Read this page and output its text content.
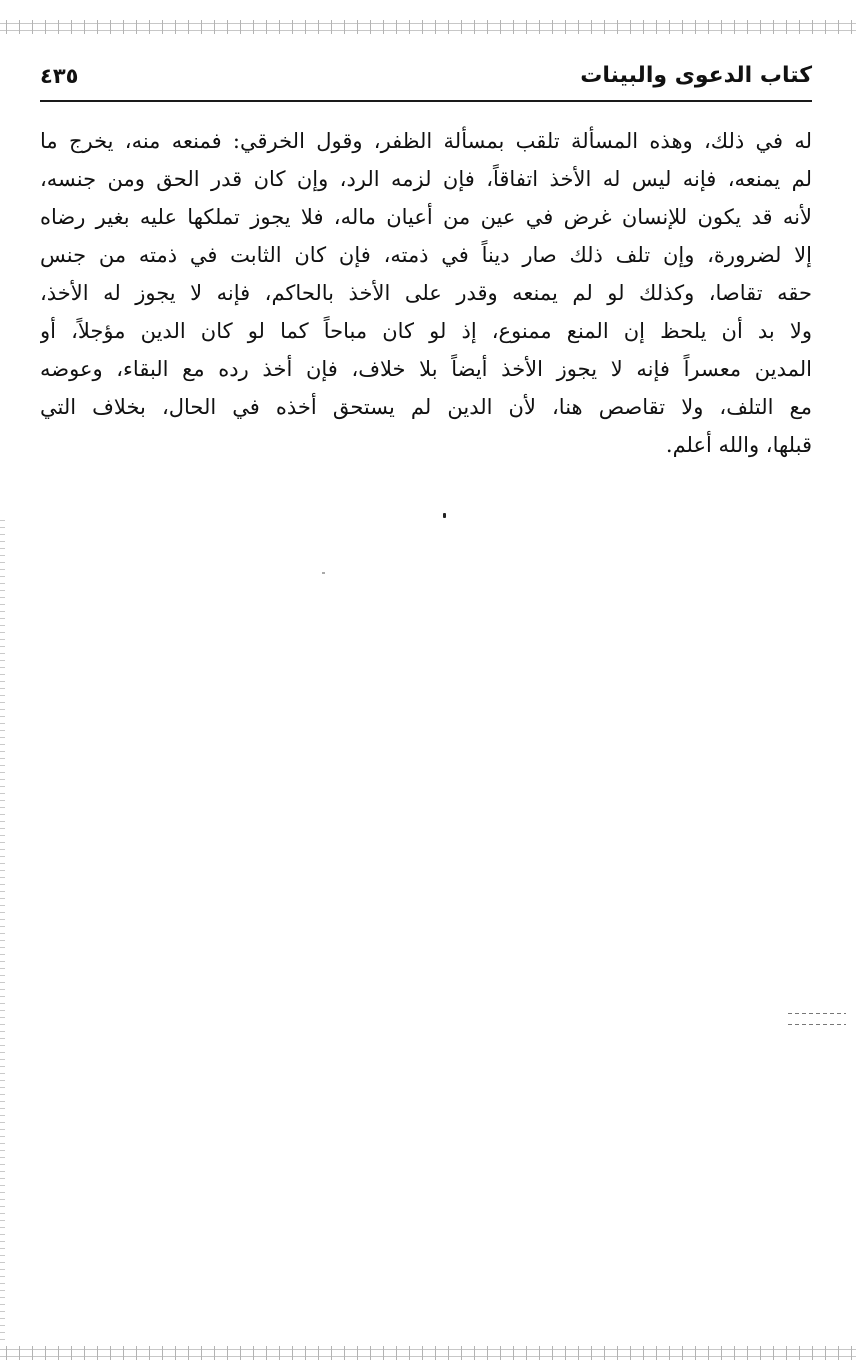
كتاب الدعوى والبينات
٤٣٥
له في ذلك، وهذه المسألة تلقب بمسألة الظفر، وقول الخرقي: فمنعه منه، يخرج ما
لم يمنعه، فإنه ليس له الأخذ اتفاقاً، فإن لزمه الرد، وإن كان قدر الحق ومن جنسه،
لأنه قد يكون للإنسان غرض في عين من أعيان ماله، فلا يجوز تملكها عليه بغير رضاه
إلا لضرورة، وإن تلف ذلك صار ديناً في ذمته، فإن كان الثابت في ذمته من جنس
حقه تقاصا، وكذلك لو لم يمنعه وقدر على الأخذ بالحاكم، فإنه لا يجوز له الأخذ،
ولا بد أن يلحظ إن المنع ممنوع، إذ لو كان مباحاً كما لو كان الدين مؤجلاً، أو
المدين معسراً فإنه لا يجوز الأخذ أيضاً بلا خلاف، فإن أخذ رده مع البقاء، وعوضه
مع التلف، ولا تقاصص هنا، لأن الدين لم يستحق أخذه في الحال، بخلاف التي
قبلها، والله أعلم.
